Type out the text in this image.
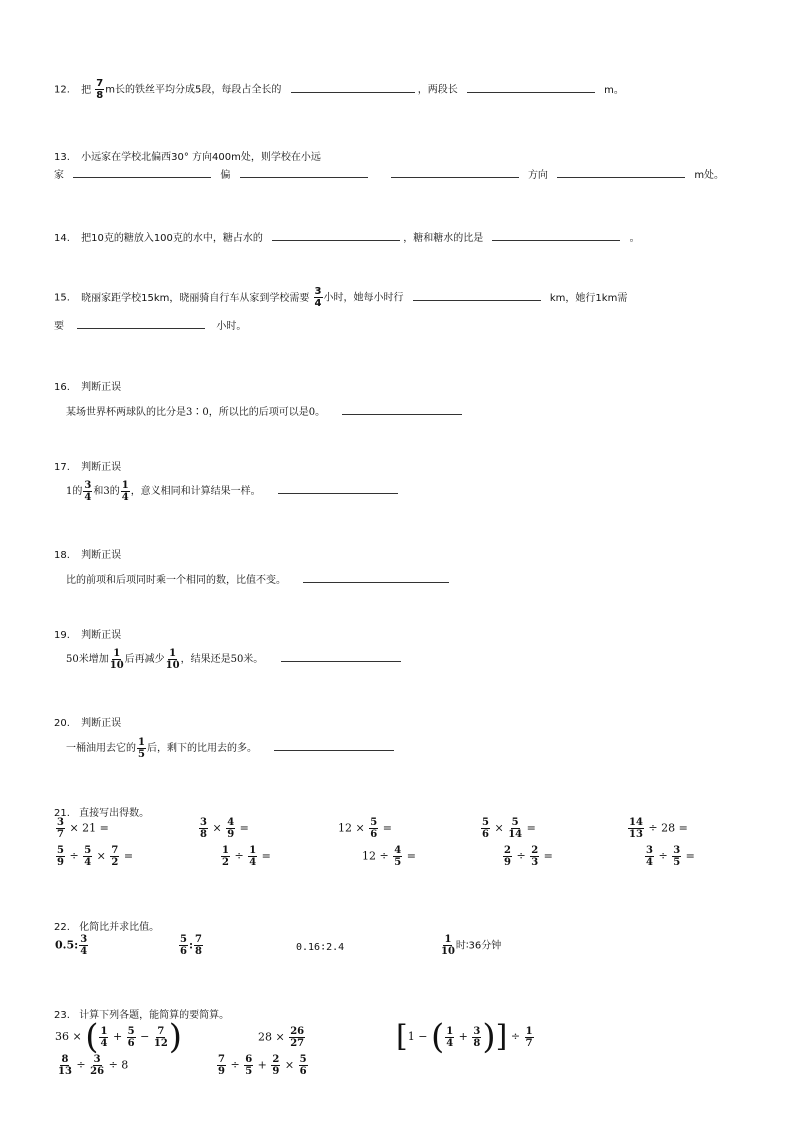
12. 把 $\frac{7}{8}$ m长的铁丝平均分成5段，每段占全长的	，两段长	m。
13. 小远家在学校北偏西30° 方向400m处，则学校在小远
家	偏	方向	m处。
14. 把10克的糖放入100克的水中，糖占水的	，糖和糖水的比是	。
15. 晓丽家距学校15km，晓丽骑自行车从家到学校需要 $\frac{3}{4}$ 小时，她每小时行	km，她行1km需
要	小时。
16. 判断正误
某场世界杯两球队的比分是3∶0，所以比的后项可以是0。
17. 判断正误
1的 $\frac{3}{4}$ 和3的 $\frac{1}{4}$ ，意义相同和计算结果一样。
18. 判断正误
比的前项和后项同时乘一个相同的数，比值不变。
19. 判断正误
50米增加 $\frac{1}{10}$ 后再减少 $\frac{1}{10}$ ，结果还是50米。
20. 判断正误
一桶油用去它的 $\frac{1}{5}$ 后，剩下的比用去的多。
21. 直接写出得数。
$\frac{3}{7} \times 21$ =	$\frac{3}{8} \times \frac{4}{9}$ =	$12 \times \frac{5}{6}$ =	$\frac{5}{6} \times \frac{5}{14}$ =	$\frac{14}{13} \div 28$ =
$\frac{5}{9} \div \frac{5}{4} \times \frac{7}{2}$ =	$\frac{1}{2} \div \frac{1}{4}$ =	$12 \div \frac{4}{5}$ =	$\frac{2}{9} \div \frac{2}{3}$ =	$\frac{3}{4} \div \frac{3}{5}$ =
22. 化简比并求比值。
0.5: $\frac{3}{4}$	$\frac{5}{6}$ : $\frac{7}{8}$	0.16∶2.4	$\frac{1}{10}$ 时∶36分钟
23. 计算下列各题，能简算的要简算。
36 × ( $\frac{1}{4} + \frac{5}{6} - \frac{7}{12}$ )	$28 \times \frac{26}{27}$	[1 − ( $\frac{1}{4} + \frac{3}{8}$ )] ÷ $\frac{1}{7}$
$\frac{8}{13} \div \frac{3}{26} \div 8$	$\frac{7}{9} \div \frac{6}{5} + \frac{2}{9} \times \frac{5}{6}$
